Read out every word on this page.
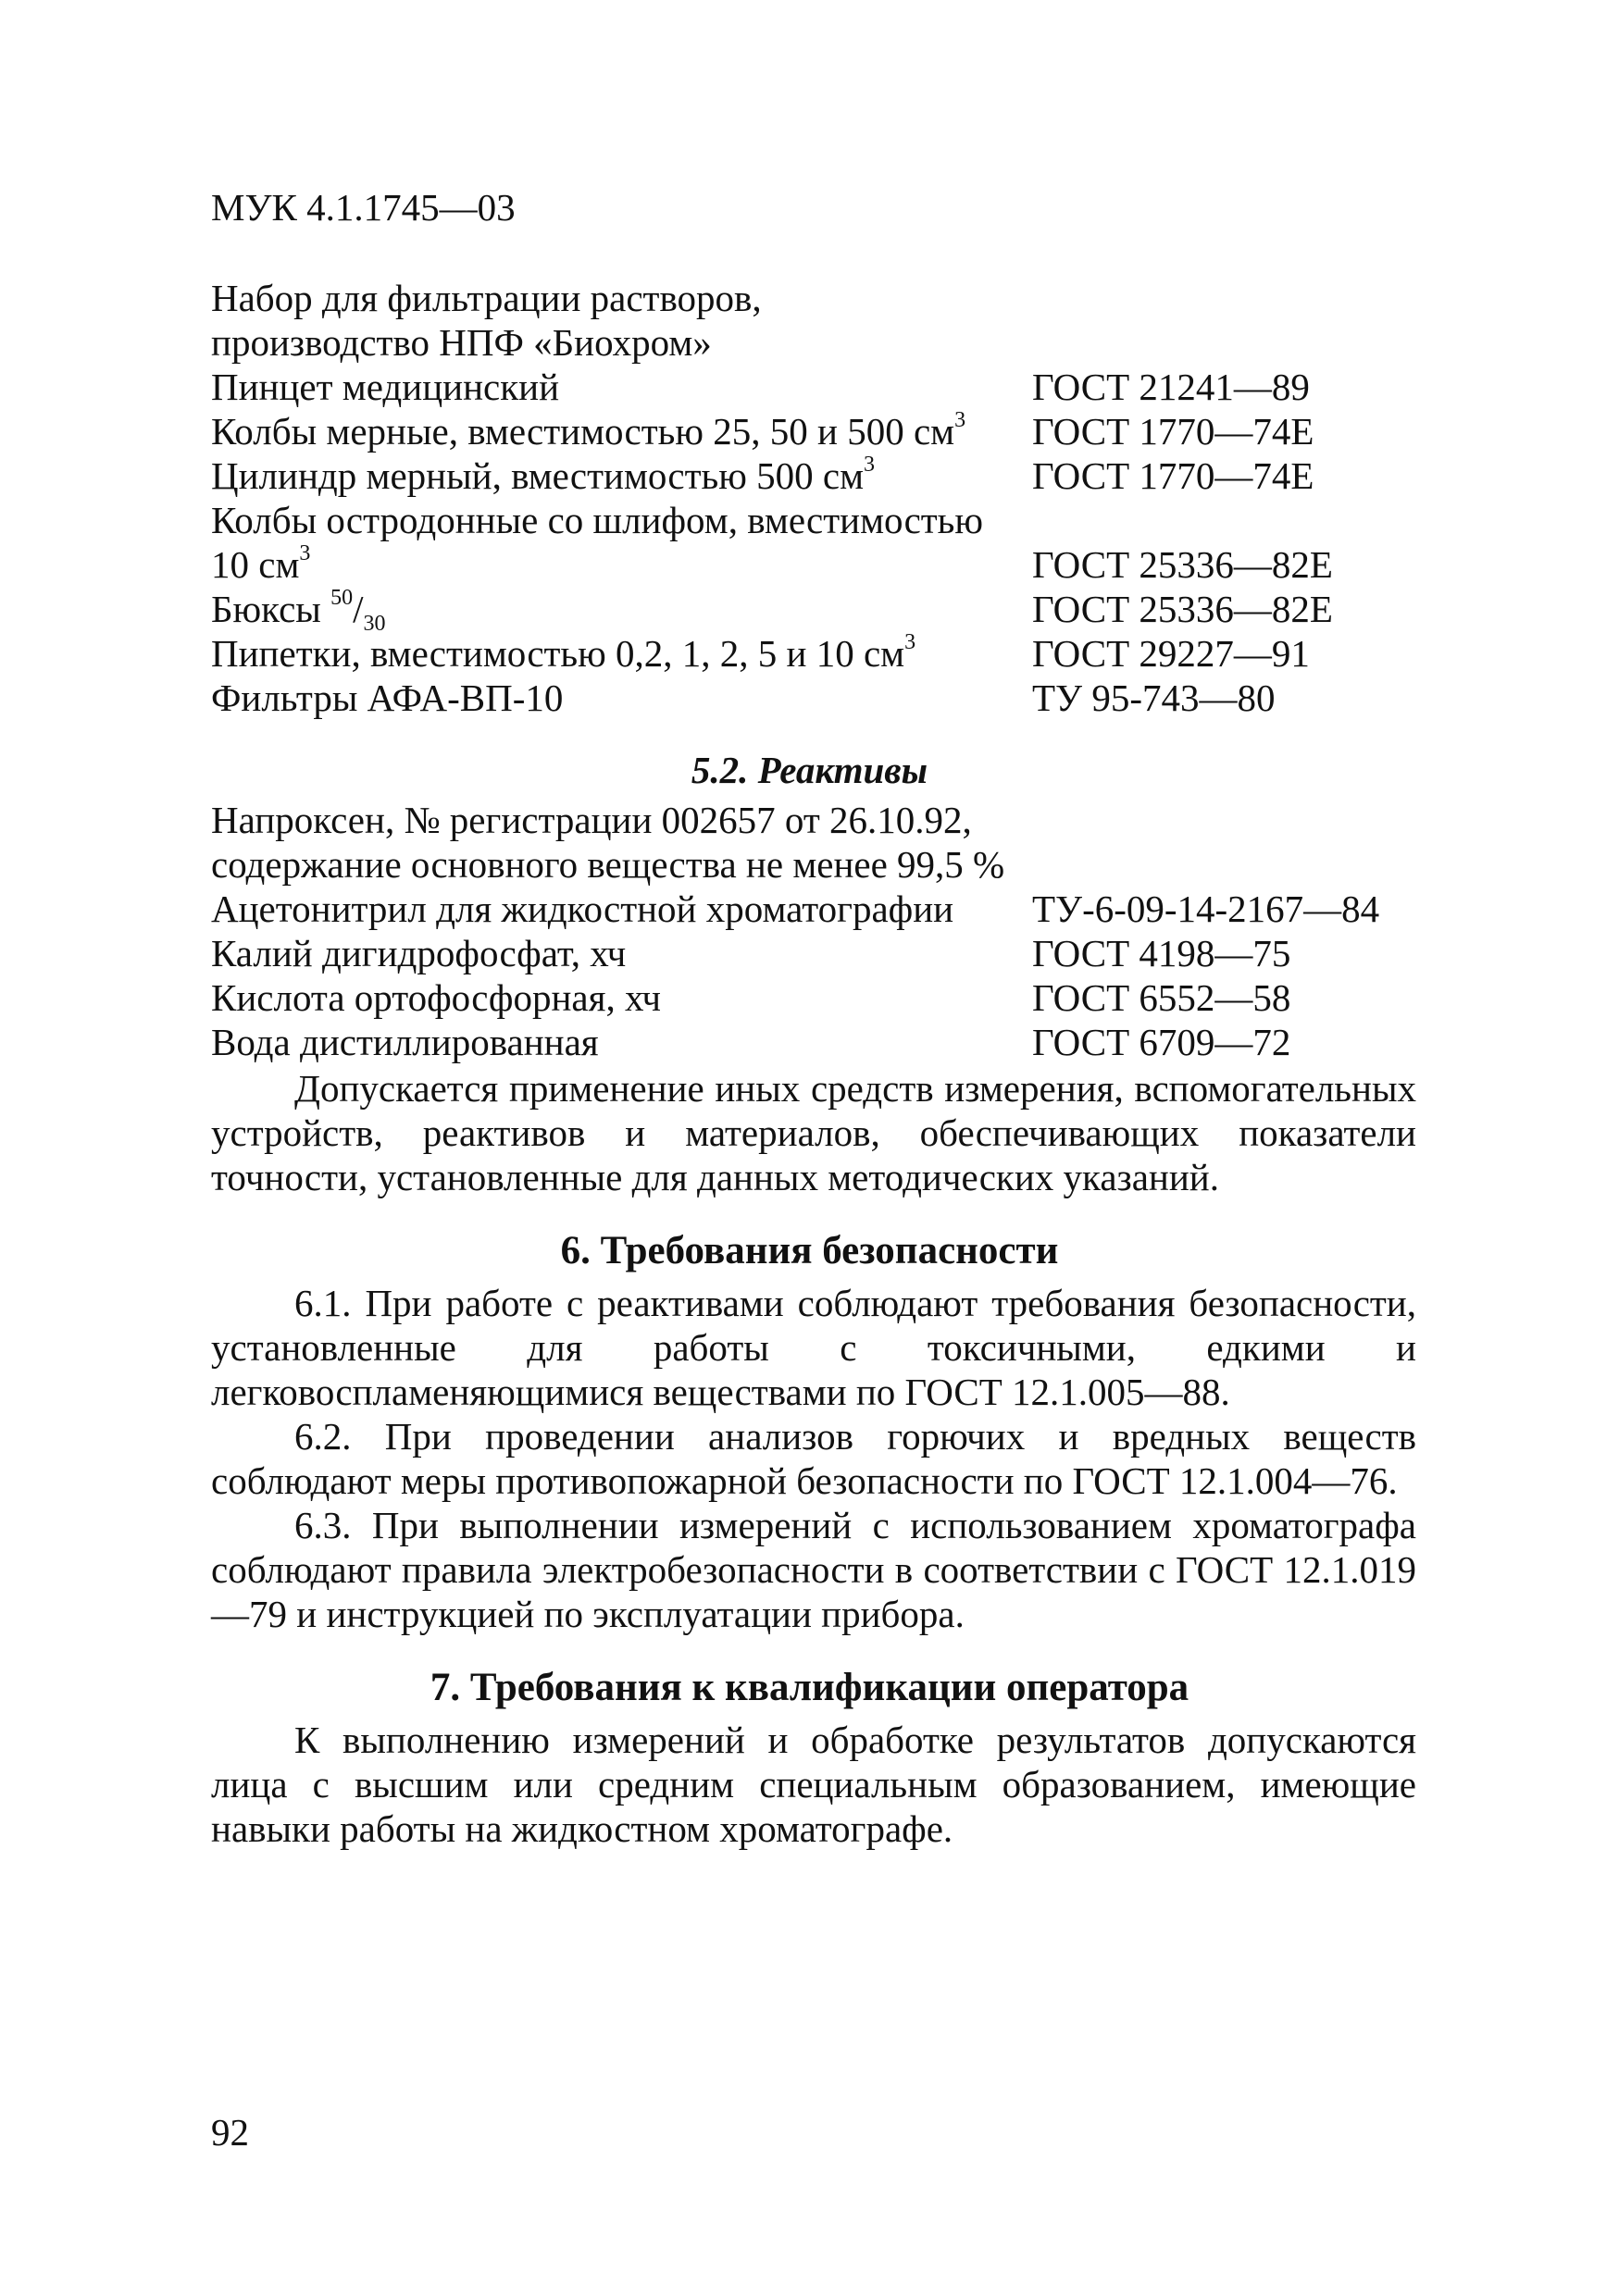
МУК 4.1.1745—03
Набор для фильтрации растворов,
производство НПФ «Биохром»
Пинцет медицинский	ГОСТ 21241—89
Колбы мерные, вместимостью 25, 50 и 500 $см^3$ ГОСТ 1770—74Е
Цилиндр мерный, вместимостью 500 $см^3$	ГОСТ 1770—74Е
Колбы остродонные со шлифом, вместимостью
10 $см^3$	ГОСТ 25336—82Е
Бюксы $^{50}/_{30}$	ГОСТ 25336—82Е
Пипетки, вместимостью 0,2, 1, 2, 5 и 10 $см^3$	ГОСТ 29227—91
Фильтры АФА-ВП-10	ТУ 95-743—80
5.2. Реактивы
Напроксен, № регистрации 002657 от 26.10.92,
содержание основного вещества не менее 99,5 %
Ацетонитрил для жидкостной хроматографии ТУ-6-09-14-2167—84
Калий дигидрофосфат, хч	ГОСТ 4198—75
Кислота ортофосфорная, хч	ГОСТ 6552—58
Вода дистиллированная	ГОСТ 6709—72
Допускается применение иных средств измерения, вспомогательных устройств, реактивов и материалов, обеспечивающих показатели точности, установленные для данных методических указаний.
6. Требования безопасности
6.1. При работе с реактивами соблюдают требования безопасности, установленные для работы с токсичными, едкими и легковоспламеняющимися веществами по ГОСТ 12.1.005—88.
6.2. При проведении анализов горючих и вредных веществ соблюдают меры противопожарной безопасности по ГОСТ 12.1.004—76.
6.3. При выполнении измерений с использованием хроматографа соблюдают правила электробезопасности в соответствии с ГОСТ 12.1.019—79 и инструкцией по эксплуатации прибора.
7. Требования к квалификации оператора
К выполнению измерений и обработке результатов допускаются лица с высшим или средним специальным образованием, имеющие навыки работы на жидкостном хроматографе.
92
